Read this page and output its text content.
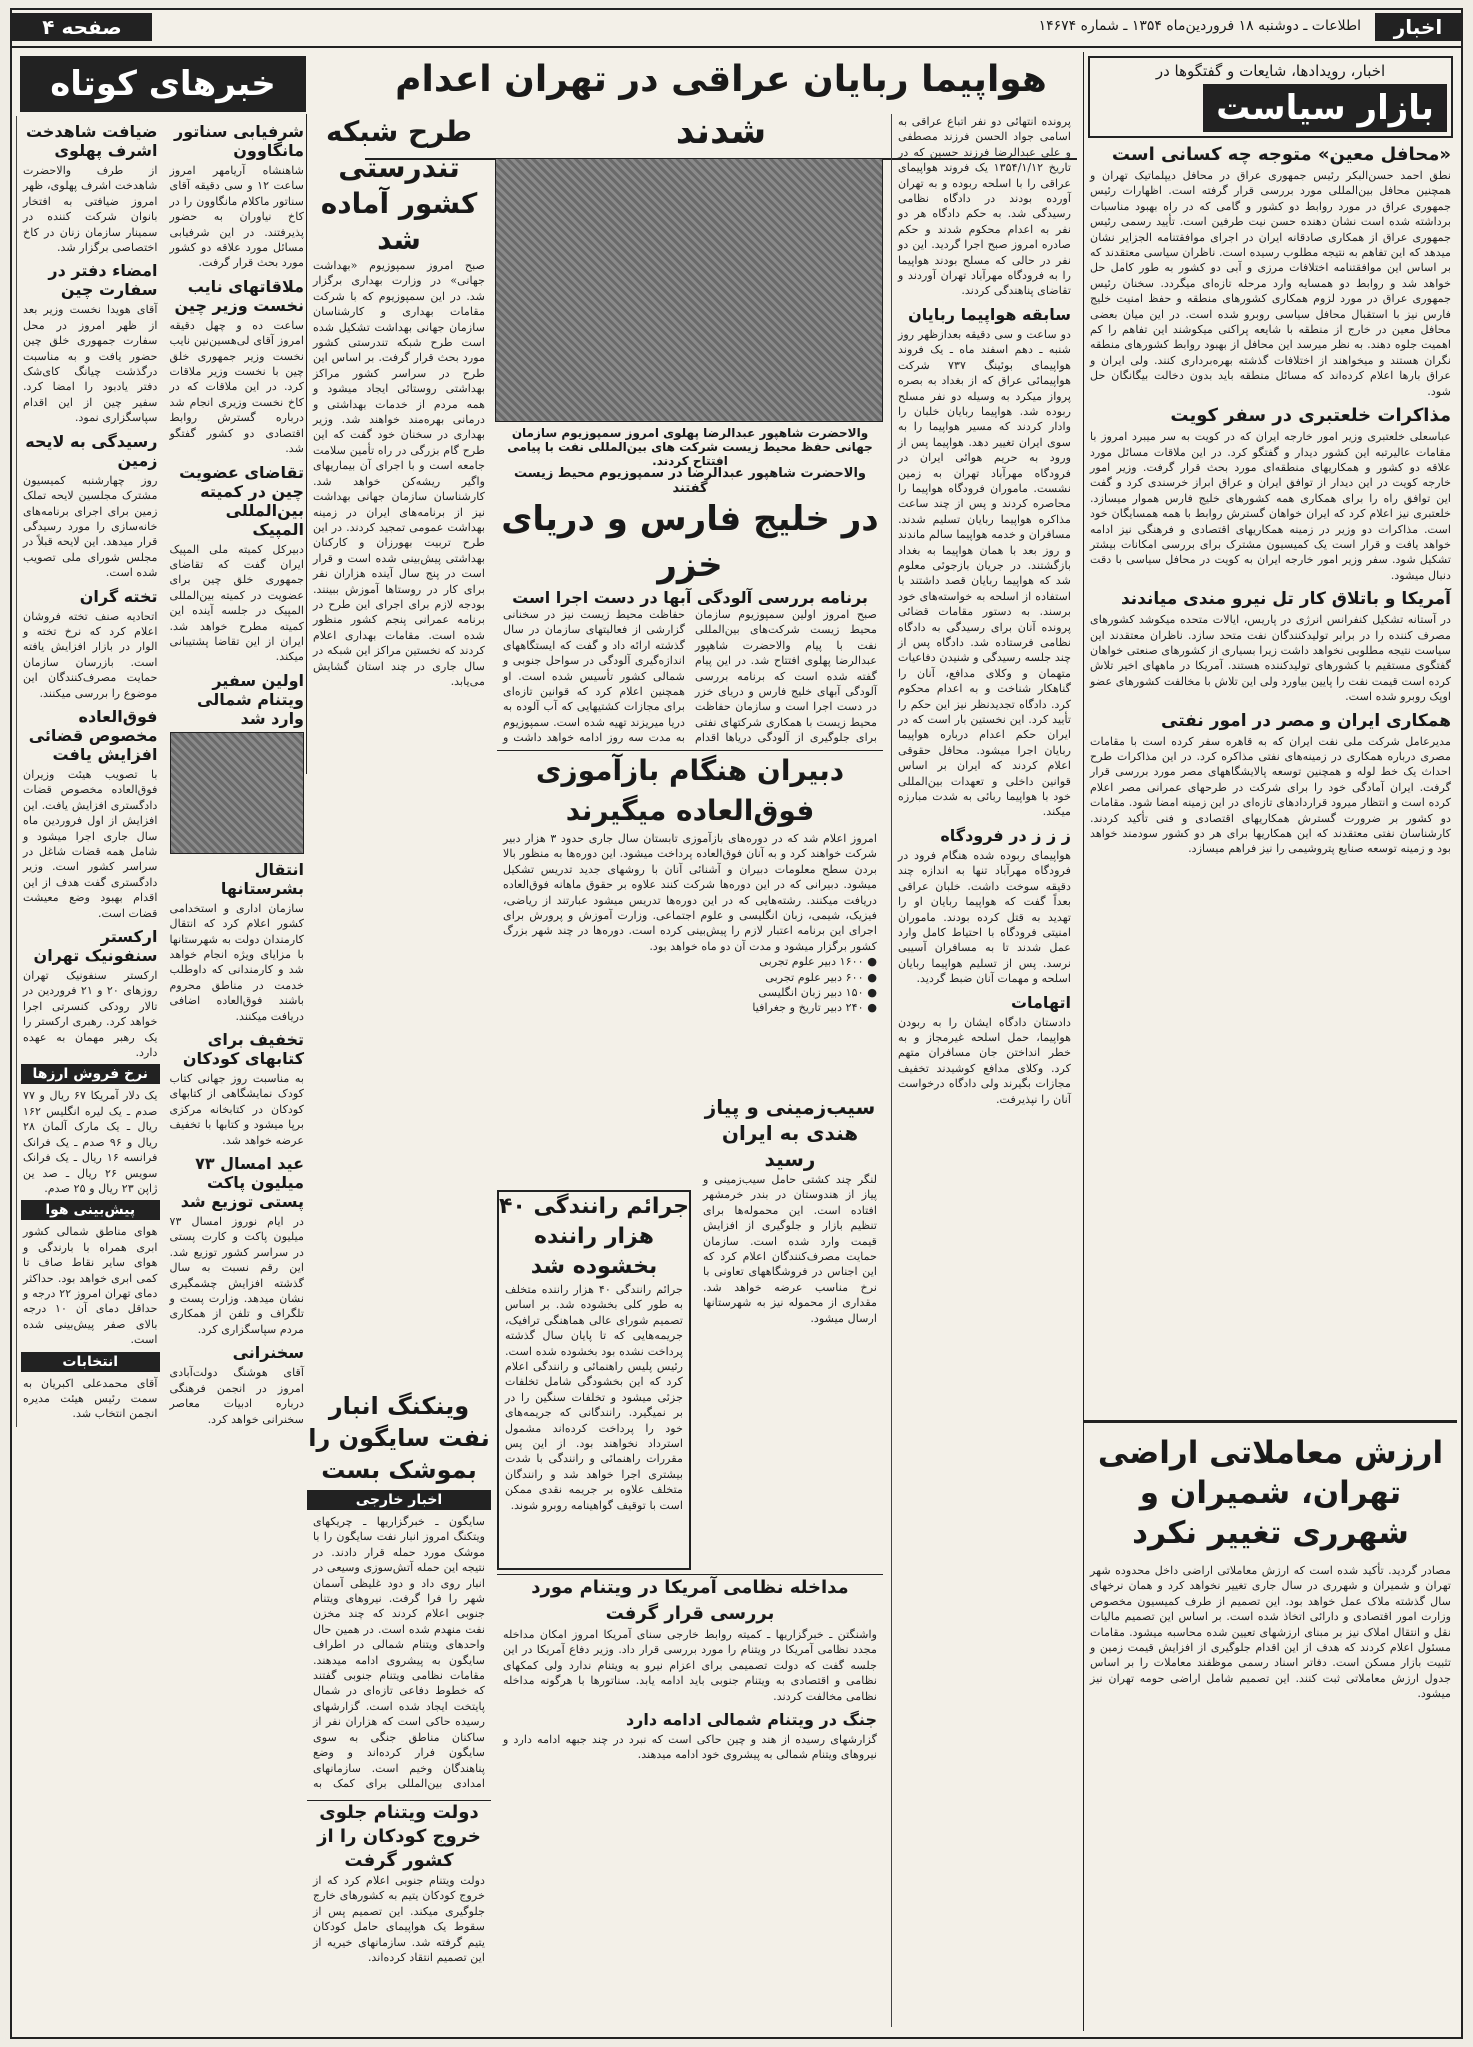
اخبار
اطلاعات ـ دوشنبه ۱۸ فروردین‌ماه ۱۳۵۴ ـ شماره ۱۴۶۷۴
صفحه ۴
اخبار، رویدادها، شایعات و گفتگوها در
بازار سیاست
«محافل معین» متوجه چه کسانی است
نطق احمد حسن‌البکر رئیس جمهوری عراق در محافل دیپلماتیک تهران و همچنین محافل بین‌المللی مورد بررسی قرار گرفته است. اظهارات رئیس جمهوری عراق در مورد روابط دو کشور و گامی که در راه بهبود مناسبات برداشته شده است نشان دهنده حسن نیت طرفین است. تأیید رسمی رئیس جمهوری عراق از همکاری صادقانه ایران در اجرای موافقتنامه الجزایر نشان میدهد که این تفاهم به نتیجه مطلوب رسیده است. ناظران سیاسی معتقدند که بر اساس این موافقتنامه اختلافات مرزی و آبی دو کشور به طور کامل حل خواهد شد و روابط دو همسایه وارد مرحله تازه‌ای میگردد. سخنان رئیس جمهوری عراق در مورد لزوم همکاری کشورهای منطقه و حفظ امنیت خلیج فارس نیز با استقبال محافل سیاسی روبرو شده است. در این میان بعضی محافل معین در خارج از منطقه با شایعه پراکنی میکوشند این تفاهم را کم اهمیت جلوه دهند. به نظر میرسد این محافل از بهبود روابط کشورهای منطقه نگران هستند و میخواهند از اختلافات گذشته بهره‌برداری کنند. ولی ایران و عراق بارها اعلام کرده‌اند که مسائل منطقه باید بدون دخالت بیگانگان حل شود.
مذاکرات خلعتبری در سفر کویت
عباسعلی خلعتبری وزیر امور خارجه ایران که در کویت به سر میبرد امروز با مقامات عالیرتبه این کشور دیدار و گفتگو کرد. در این ملاقات مسائل مورد علاقه دو کشور و همکاریهای منطقه‌ای مورد بحث قرار گرفت. وزیر امور خارجه کویت در این دیدار از توافق ایران و عراق ابراز خرسندی کرد و گفت این توافق راه را برای همکاری همه کشورهای خلیج فارس هموار میسازد. خلعتبری نیز اعلام کرد که ایران خواهان گسترش روابط با همه همسایگان خود است. مذاکرات دو وزیر در زمینه همکاریهای اقتصادی و فرهنگی نیز ادامه خواهد یافت و قرار است یک کمیسیون مشترک برای بررسی امکانات بیشتر تشکیل شود. سفر وزیر امور خارجه ایران به کویت در محافل سیاسی با دقت دنبال میشود.
آمریکا و باتلاق کار تل نیرو مندی میاندند
در آستانه تشکیل کنفرانس انرژی در پاریس، ایالات متحده میکوشد کشورهای مصرف کننده را در برابر تولیدکنندگان نفت متحد سازد. ناظران معتقدند این سیاست نتیجه مطلوبی نخواهد داشت زیرا بسیاری از کشورهای صنعتی خواهان گفتگوی مستقیم با کشورهای تولیدکننده هستند. آمریکا در ماههای اخیر تلاش کرده است قیمت نفت را پایین بیاورد ولی این تلاش با مخالفت کشورهای عضو اوپک روبرو شده است.
همکاری ایران و مصر در امور نفتی
مدیرعامل شرکت ملی نفت ایران که به قاهره سفر کرده است با مقامات مصری درباره همکاری در زمینه‌های نفتی مذاکره کرد. در این مذاکرات طرح احداث یک خط لوله و همچنین توسعه پالایشگاههای مصر مورد بررسی قرار گرفت. ایران آمادگی خود را برای شرکت در طرحهای عمرانی مصر اعلام کرده است و انتظار میرود قراردادهای تازه‌ای در این زمینه امضا شود. مقامات دو کشور بر ضرورت گسترش همکاریهای اقتصادی و فنی تأکید کردند. کارشناسان نفتی معتقدند که این همکاریها برای هر دو کشور سودمند خواهد بود و زمینه توسعه صنایع پتروشیمی را نیز فراهم میسازد.
ارزش معاملاتی اراضی تهران، شمیران و شهرری تغییر نکرد
مصادر گردید. تأکید شده است که ارزش معاملاتی اراضی داخل محدوده شهر تهران و شمیران و شهرری در سال جاری تغییر نخواهد کرد و همان نرخهای سال گذشته ملاک عمل خواهد بود. این تصمیم از طرف کمیسیون مخصوص وزارت امور اقتصادی و دارائی اتخاذ شده است. بر اساس این تصمیم مالیات نقل و انتقال املاک نیز بر مبنای ارزشهای تعیین شده محاسبه میشود. مقامات مسئول اعلام کردند که هدف از این اقدام جلوگیری از افزایش قیمت زمین و تثبیت بازار مسکن است. دفاتر اسناد رسمی موظفند معاملات را بر اساس جدول ارزش معاملاتی ثبت کنند. این تصمیم شامل اراضی حومه تهران نیز میشود.
هواپیما ربایان عراقی در تهران اعدام شدند	پرونده انتهائی دو نفر اتباع عراقی به اسامی جواد الحسن فرزند مصطفی و علی عبدالرضا فرزند حسین که در تاریخ ۱۳۵۴/۱/۱۲ یک فروند هواپیمای عراقی را با اسلحه ربوده و به تهران آورده بودند در دادگاه نظامی رسیدگی شد. به حکم دادگاه هر دو نفر به اعدام محکوم شدند و حکم صادره امروز صبح اجرا گردید. این دو نفر در حالی که مسلح بودند هواپیما را به فرودگاه مهرآباد تهران آوردند و تقاضای پناهندگی کردند.
سابقه هواپیما ربایان
دو ساعت و سی دقیقه بعدازظهر روز شنبه ـ دهم اسفند ماه ـ یک فروند هواپیمای بوئینگ ۷۳۷ شرکت هواپیمائی عراق که از بغداد به بصره پرواز میکرد به وسیله دو نفر مسلح ربوده شد. هواپیما ربایان خلبان را وادار کردند که مسیر هواپیما را به سوی ایران تغییر دهد. هواپیما پس از ورود به حریم هوائی ایران در فرودگاه مهرآباد تهران به زمین نشست. ماموران فرودگاه هواپیما را محاصره کردند و پس از چند ساعت مذاکره هواپیما ربایان تسلیم شدند. مسافران و خدمه هواپیما سالم ماندند و روز بعد با همان هواپیما به بغداد بازگشتند. در جریان بازجوئی معلوم شد که هواپیما ربایان قصد داشتند با استفاده از اسلحه به خواسته‌های خود برسند. به دستور مقامات قضائی پرونده آنان برای رسیدگی به دادگاه نظامی فرستاده شد. دادگاه پس از چند جلسه رسیدگی و شنیدن دفاعیات متهمان و وکلای مدافع، آنان را گناهکار شناخت و به اعدام محکوم کرد. دادگاه تجدیدنظر نیز این حکم را تأیید کرد. این نخستین بار است که در ایران حکم اعدام درباره هواپیما ربایان اجرا میشود. محافل حقوقی اعلام کردند که ایران بر اساس قوانین داخلی و تعهدات بین‌المللی خود با هواپیما ربائی به شدت مبارزه میکند.
ز ز ز در فرودگاه
هواپیمای ربوده شده هنگام فرود در فرودگاه مهرآباد تنها به اندازه چند دقیقه سوخت داشت. خلبان عراقی بعداً گفت که هواپیما ربایان او را تهدید به قتل کرده بودند. ماموران امنیتی فرودگاه با احتیاط کامل وارد عمل شدند تا به مسافران آسیبی نرسد. پس از تسلیم هواپیما ربایان اسلحه و مهمات آنان ضبط گردید.
اتهامات
دادستان دادگاه ایشان را به ربودن هواپیما، حمل اسلحه غیرمجاز و به خطر انداختن جان مسافران متهم کرد. وکلای مدافع کوشیدند تخفیف مجازات بگیرند ولی دادگاه درخواست آنان را نپذیرفت.
والاحضرت شاهپور عبدالرضا پهلوی امروز سمپوزیوم سازمان جهانی حفظ محیط زیست شرکت های بین‌المللی نفت با پیامی افتتاح کردند.
والاحضرت شاهپور عبدالرضا در سمپوزیوم محیط زیست گفتند
در خلیج فارس و دریای خزر
برنامه بررسی آلودگی آبها در دست اجرا است
صبح امروز اولین سمپوزیوم سازمان محیط زیست شرکت‌های بین‌المللی نفت با پیام والاحضرت شاهپور عبدالرضا پهلوی افتتاح شد. در این پیام گفته شده است که برنامه بررسی آلودگی آبهای خلیج فارس و دریای خزر در دست اجرا است و سازمان حفاظت محیط زیست با همکاری شرکتهای نفتی برای جلوگیری از آلودگی دریاها اقدام حفاظت محیط زیست نیز در سخنانی گزارشی از فعالیتهای سازمان در سال گذشته ارائه داد و گفت که ایستگاههای اندازه‌گیری آلودگی در سواحل جنوبی و شمالی کشور تأسیس شده است. او همچنین اعلام کرد که قوانین تازه‌ای برای مجازات کشتیهایی که آب آلوده به دریا میریزند تهیه شده است. سمپوزیوم به مدت سه روز ادامه خواهد داشت و
دبیران هنگام بازآموزی فوق‌العاده میگیرند
امروز اعلام شد که در دوره‌های بازآموزی تابستان سال جاری حدود ۳ هزار دبیر شرکت خواهند کرد و به آنان فوق‌العاده پرداخت میشود. این دوره‌ها به منظور بالا بردن سطح معلومات دبیران و آشنائی آنان با روشهای جدید تدریس تشکیل میشود. دبیرانی که در این دوره‌ها شرکت کنند علاوه بر حقوق ماهانه فوق‌العاده دریافت میکنند. رشته‌هایی که در این دوره‌ها تدریس میشود عبارتند از ریاضی، فیزیک، شیمی، زبان انگلیسی و علوم اجتماعی. وزارت آموزش و پرورش برای اجرای این برنامه اعتبار لازم را پیش‌بینی کرده است. دوره‌ها در چند شهر بزرگ کشور برگزار میشود و مدت آن دو ماه خواهد بود.
● ۱۶۰۰ دبیر علوم تجربی
● ۶۰۰ دبیر علوم تجربی
● ۱۵۰ دبیر زبان انگلیسی
● ۲۴۰ دبیر تاریخ و جغرافیا
سیب‌زمینی و پیاز هندی به ایران رسید
لنگر چند کشتی حامل سیب‌زمینی و پیاز از هندوستان در بندر خرمشهر افتاده است. این محموله‌ها برای تنظیم بازار و جلوگیری از افزایش قیمت وارد شده است. سازمان حمایت مصرف‌کنندگان اعلام کرد که این اجناس در فروشگاههای تعاونی با نرخ مناسب عرضه خواهد شد. مقداری از محموله نیز به شهرستانها ارسال میشود.
جرائم رانندگی ۴۰ هزار راننده بخشوده شد
جرائم رانندگی ۴۰ هزار راننده متخلف به طور کلی بخشوده شد. بر اساس تصمیم شورای عالی هماهنگی ترافیک، جریمه‌هایی که تا پایان سال گذشته پرداخت نشده بود بخشوده شده است. رئیس پلیس راهنمائی و رانندگی اعلام کرد که این بخشودگی شامل تخلفات جزئی میشود و تخلفات سنگین را در بر نمیگیرد. رانندگانی که جریمه‌های خود را پرداخت کرده‌اند مشمول استرداد نخواهند بود. از این پس مقررات راهنمائی و رانندگی با شدت بیشتری اجرا خواهد شد و رانندگان متخلف علاوه بر جریمه نقدی ممکن است با توقیف گواهینامه روبرو شوند.
مداخله نظامی آمریکا در ویتنام مورد بررسی قرار گرفت
واشنگتن ـ خبرگزاریها ـ کمیته روابط خارجی سنای آمریکا امروز امکان مداخله مجدد نظامی آمریکا در ویتنام را مورد بررسی قرار داد. وزیر دفاع آمریکا در این جلسه گفت که دولت تصمیمی برای اعزام نیرو به ویتنام ندارد ولی کمکهای نظامی و اقتصادی به ویتنام جنوبی باید ادامه یابد. سناتورها با هرگونه مداخله نظامی مخالفت کردند.
جنگ در ویتنام شمالی ادامه دارد
گزارشهای رسیده از هند و چین حاکی است که نبرد در چند جبهه ادامه دارد و نیروهای ویتنام شمالی به پیشروی خود ادامه میدهند.
طرح شبکه تندرستی کشور آماده شد
صبح امروز سمپوزیوم «بهداشت جهانی» در وزارت بهداری برگزار شد. در این سمپوزیوم که با شرکت مقامات بهداری و کارشناسان سازمان جهانی بهداشت تشکیل شده است طرح شبکه تندرستی کشور مورد بحث قرار گرفت. بر اساس این طرح در سراسر کشور مراکز بهداشتی روستائی ایجاد میشود و همه مردم از خدمات بهداشتی و درمانی بهره‌مند خواهند شد. وزیر بهداری در سخنان خود گفت که این طرح گام بزرگی در راه تأمین سلامت جامعه است و با اجرای آن بیماریهای واگیر ریشه‌کن خواهد شد. کارشناسان سازمان جهانی بهداشت نیز از برنامه‌های ایران در زمینه بهداشت عمومی تمجید کردند. در این طرح تربیت بهورزان و کارکنان بهداشتی پیش‌بینی شده است و قرار است در پنج سال آینده هزاران نفر برای کار در روستاها آموزش ببینند. بودجه لازم برای اجرای این طرح در برنامه عمرانی پنجم کشور منظور شده است. مقامات بهداری اعلام کردند که نخستین مراکز این شبکه در سال جاری در چند استان گشایش می‌یابد.
وینکنگ انبار نفت سایگون را بموشک بست
اخبار خارجی
سایگون ـ خبرگزاریها ـ چریکهای ویتکنگ امروز انبار نفت سایگون را با موشک مورد حمله قرار دادند. در نتیجه این حمله آتش‌سوزی وسیعی در انبار روی داد و دود غلیظی آسمان شهر را فرا گرفت. نیروهای ویتنام جنوبی اعلام کردند که چند مخزن نفت منهدم شده است. در همین حال واحدهای ویتنام شمالی در اطراف سایگون به پیشروی ادامه میدهند. مقامات نظامی ویتنام جنوبی گفتند که خطوط دفاعی تازه‌ای در شمال پایتخت ایجاد شده است. گزارشهای رسیده حاکی است که هزاران نفر از ساکنان مناطق جنگی به سوی سایگون فرار کرده‌اند و وضع پناهندگان وخیم است. سازمانهای امدادی بین‌المللی برای کمک به
دولت ویتنام جلوی خروج کودکان را از کشور گرفت
دولت ویتنام جنوبی اعلام کرد که از خروج کودکان یتیم به کشورهای خارج جلوگیری میکند. این تصمیم پس از سقوط یک هواپیمای حامل کودکان یتیم گرفته شد. سازمانهای خیریه از این تصمیم انتقاد کرده‌اند.
خبرهای کوتاه
شرفیابی سناتور مانگاوون
شاهنشاه آریامهر امروز ساعت ۱۲ و سی دقیقه آقای سناتور ماکلام مانگاوون را در کاخ نیاوران به حضور پذیرفتند. در این شرفیابی مسائل مورد علاقه دو کشور مورد بحث قرار گرفت.
ملاقاتهای نایب نخست وزیر چین
ساعت ده و چهل دقیقه امروز آقای لی‌هسین‌نین نایب نخست وزیر جمهوری خلق چین با نخست وزیر ملاقات کرد. در این ملاقات که در کاخ نخست وزیری انجام شد درباره گسترش روابط اقتصادی دو کشور گفتگو شد.
تقاضای عضویت چین در کمیته بین‌المللی المپیک
دبیرکل کمیته ملی المپیک ایران گفت که تقاضای جمهوری خلق چین برای عضویت در کمیته بین‌المللی المپیک در جلسه آینده این کمیته مطرح خواهد شد. ایران از این تقاضا پشتیبانی میکند.
اولین سفیر ویتنام شمالی وارد شد
انتقال بشرستانها
سازمان اداری و استخدامی کشور اعلام کرد که انتقال کارمندان دولت به شهرستانها با مزایای ویژه انجام خواهد شد و کارمندانی که داوطلب خدمت در مناطق محروم باشند فوق‌العاده اضافی دریافت میکنند.
تخفیف برای کتابهای کودکان
به مناسبت روز جهانی کتاب کودک نمایشگاهی از کتابهای کودکان در کتابخانه مرکزی برپا میشود و کتابها با تخفیف عرضه خواهد شد.
عید امسال ۷۳ میلیون پاکت پستی توزیع شد
در ایام نوروز امسال ۷۳ میلیون پاکت و کارت پستی در سراسر کشور توزیع شد. این رقم نسبت به سال گذشته افزایش چشمگیری نشان میدهد. وزارت پست و تلگراف و تلفن از همکاری مردم سپاسگزاری کرد.
سخنرانی
آقای هوشنگ دولت‌آبادی امروز در انجمن فرهنگی درباره ادبیات معاصر سخنرانی خواهد کرد.
ضیافت شاهدخت اشرف پهلوی
از طرف والاحضرت شاهدخت اشرف پهلوی، ظهر امروز ضیافتی به افتخار بانوان شرکت کننده در سمینار سازمان زنان در کاخ اختصاصی برگزار شد.
امضاء دفتر در سفارت چین
آقای هویدا نخست وزیر بعد از ظهر امروز در محل سفارت جمهوری خلق چین حضور یافت و به مناسبت درگذشت چیانگ کای‌شک دفتر یادبود را امضا کرد. سفیر چین از این اقدام سپاسگزاری نمود.
رسیدگی به لایحه زمین
روز چهارشنبه کمیسیون مشترک مجلسین لایحه تملک زمین برای اجرای برنامه‌های خانه‌سازی را مورد رسیدگی قرار میدهد. این لایحه قبلاً در مجلس شورای ملی تصویب شده است.
تخته گران
اتحادیه صنف تخته فروشان اعلام کرد که نرخ تخته و الوار در بازار افزایش یافته است. بازرسان سازمان حمایت مصرف‌کنندگان این موضوع را بررسی میکنند.
فوق‌العاده مخصوص قضائی افزایش یافت
با تصویب هیئت وزیران فوق‌العاده مخصوص قضات دادگستری افزایش یافت. این افزایش از اول فروردین ماه سال جاری اجرا میشود و شامل همه قضات شاغل در سراسر کشور است. وزیر دادگستری گفت هدف از این اقدام بهبود وضع معیشت قضات است.
ارکستر سنفونیک تهران
ارکستر سنفونیک تهران روزهای ۲۰ و ۲۱ فروردین در تالار رودکی کنسرتی اجرا خواهد کرد. رهبری ارکستر را یک رهبر مهمان به عهده دارد.
نرخ فروش ارزها
یک دلار آمریکا ۶۷ ریال و ۷۷ صدم ـ یک لیره انگلیس ۱۶۲ ریال ـ یک مارک آلمان ۲۸ ریال و ۹۶ صدم ـ یک فرانک فرانسه ۱۶ ریال ـ یک فرانک سویس ۲۶ ریال ـ صد ین ژاپن ۲۳ ریال و ۲۵ صدم.
پیش‌بینی هوا
هوای مناطق شمالی کشور ابری همراه با بارندگی و هوای سایر نقاط صاف تا کمی ابری خواهد بود. حداکثر دمای تهران امروز ۲۲ درجه و حداقل دمای آن ۱۰ درجه بالای صفر پیش‌بینی شده است.
انتخابات
آقای محمدعلی اکبریان به سمت رئیس هیئت مدیره انجمن انتخاب شد.
